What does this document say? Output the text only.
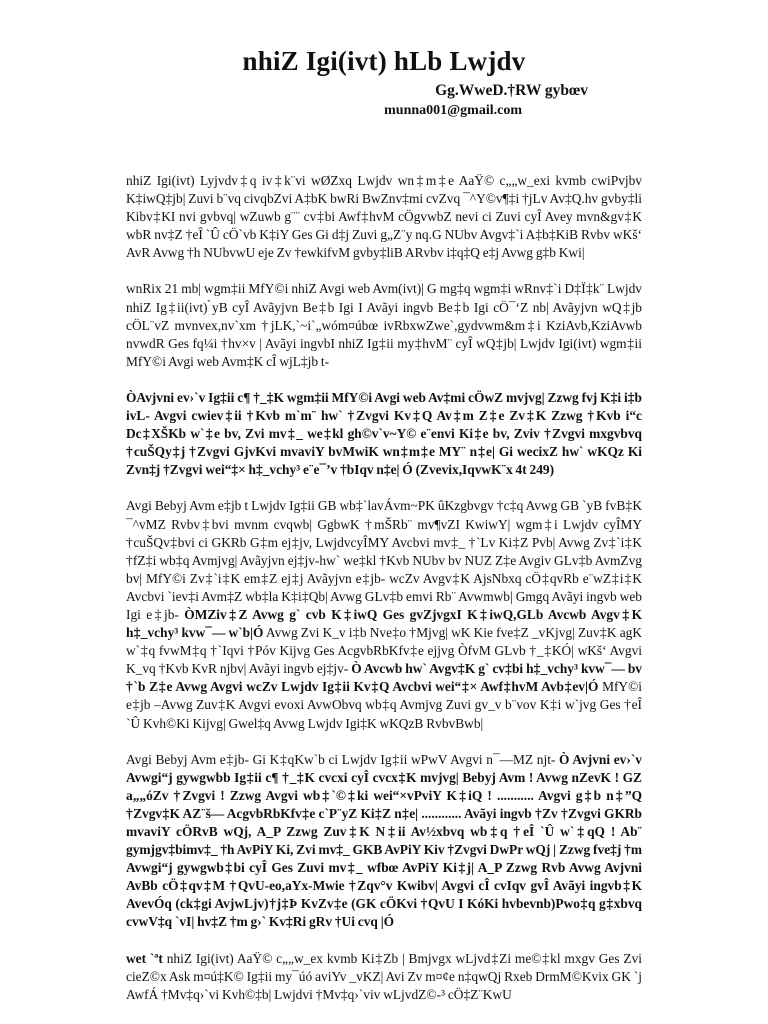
nhiZ Igi(ivt) hLb Lwjdv
Gg.WweD.†RW gybœv
munna001@gmail.com

nhiZ Igi(ivt) Lyjvdv‡q iv‡k¨vi wØZxq Lwjdv wn‡m‡e AaŸ© c„„w_exi kvmb cwiPvjbv K‡iwQ‡jb| Zuvi b¨vq civqbZvi A‡bK bwRi BwZnv‡mi cvZvq ¯^Y©v¶‡i †jLv Av‡Q.hv gvby‡li Kibv‡KI nvi gvbvq| wZuwb g¨¨ cv‡bi Awf‡hvM cÖgvwbZ nevi ci Zuvi cyÎ Avey mvn&gv‡K wbR nv‡Z †eÎ `Û cÖ`vb K‡iY Ges Gi d‡j Zuvi g„Z¨y nq.G NUbv Avgv‡`i A‡b‡KiB Rvbv wKš‘ AvR Avwg †h NUbvwU eje Zv †ewkifvM gvby‡liB ARvbv i‡q‡Q e‡j Avwg g‡b Kwi|

wnRix 21 mb| wgm‡ii MfY©i nhiZ Avgi web Avm(ivt)| G mg‡q wgm‡i wRnv‡`i D‡Ï‡k¨ Lwjdv nhiZ Ig‡ii(ivt) ̀yB cyÎ Avãyjvn Be‡b Igi I Avãyi ingvb Be‡b Igi cÖ¯‘Z nb| Avãyjvn wQ‡jb cÖL¨vZ mvnvex,nv`xm †jLK,`~i`„wóm¤úbœ ivRbxwZwe`,gydvwm&m‡i KziAvb,KziAvwb nvwdR Ges fq¼i †hv×v | Avãyi ingvbI nhiZ Ig‡ii my‡hvM¨ cyÎ wQ‡jb| Lwjdv Igi(ivt) wgm‡ii MfY©i Avgi web Avm‡K cÎ wjL‡jb t-

ÒAvjvni ev›`v Ig‡ii c¶ †_‡K wgm‡ii MfY©i Avgi web Av‡mi cÖwZ mvjvg| Zzwg fvj K‡i i‡b ivL- Avgvi cwiev‡ii †Kvb m`m¨ hw` †Zvgvi Kv‡Q Av‡m Z‡e Zv‡K Zzwg †Kvb i“c Dc‡XŠKb w`‡e bv, Zvi mv‡_ we‡kl gh©v`v~Y© e¨envi Ki‡e bv, Zviv †Zvgvi mxgvbvq †cuŠQy‡j †Zvgvi GjvKvi mvaviY bvMwiK wn‡m‡e MY¨ n‡e| Gi wecixZ hw` wKQz Ki Zvn‡j †Zvgvi wei“‡× h‡_vchy³ e¨e¯’v †bIqv n‡e| Ó (Zvevix,IqvwK¨x 4t 249)

Avgi Bebyj Avm e‡jb t Lwjdv Ig‡ii GB wb‡`lavÁvm~PK ûKzgbvgv †c‡q Avwg GB `yB fvB‡K ¯^vMZ Rvbv‡bvi mvnm cvqwb| GgbwK †mŠRb¨ mv¶vZI KwiwY| wgm‡i Lwjdv cyÎMY †cuŠQv‡bvi ci GKRb G‡m ej‡jv, LwjdvcyÎMY Avcbvi mv‡_ †`Lv Ki‡Z Pvb| Avwg Zv‡`i‡K †fZ‡i wb‡q Avmjvg| Avãyjvn ej‡jv-hw` we‡kl †Kvb NUbv bv NUZ Z‡e Avgiv GLv‡b AvmZvg bv| MfY©i Zv‡`i‡K em‡Z ej‡j Avãyjvn e‡jb- wcZv Avgv‡K AjsNbxq cÖ‡qvRb e¨wZ‡i‡K Avcbvi `iev‡i Avm‡Z wb‡la K‡i‡Qb| Avwg GLv‡b emvi Rb¨ Avwmwb| Gmgq Avãyi ingvb web Igi e‡jb- ÒMZiv‡Z Avwg g` cvb K‡iwQ Ges gvZjvgxI K‡iwQ,GLb Avcwb Avgv‡K h‡_vchy³ kvw¯— w`b|Ó Avwg Zvi K_v i‡b Nve‡o †Mjvg| wK Kie fve‡Z _vKjvg| Zuv‡K agK w`‡q fvwM‡q †`Iqvi †Póv Kijvg Ges AcgvbRbKfv‡e ejjvg ÒfvM GLvb †_‡KÓ| wKš‘ Avgvi K_vq †Kvb KvR njbv| Avãyi ingvb ej‡jv- Ò Avcwb hw` Avgv‡K g` cv‡bi h‡_vchy³ kvw¯— bv †`b Z‡e Avwg Avgvi wcZv Lwjdv Ig‡ii Kv‡Q Avcbvi wei“‡× Awf‡hvM Avb‡ev|Ó MfY©i e‡jb –Avwg Zuv‡K Avgvi evoxi AvwObvq wb‡q Avmjvg Zuvi gv_v b¨vov K‡i w`jvg Ges †eÎ `Û Kvh©Ki Kijvg| Gwel‡q Avwg Lwjdv Igi‡K wKQzB RvbvBwb|

Avgi Bebyj Avm e‡jb- Gi K‡qKw`b ci Lwjdv Ig‡ii wPwV Avgvi n¯—MZ njt- Ò Avjvni ev›`v Avwgi“j gywgwbb Ig‡ii c¶ †_‡K cvcxi cyÎ cvcx‡K mvjvg| Bebyj Avm ! Avwg nZevK ! GZ a„„óZv †Zvgvi ! Zzwg Avgvi wb‡`©‡ki wei“×vPviY K‡iQ ! ........... Avgvi g‡b n‡”Q †Zvgv‡K AZ¨š— AcgvbRbKfv‡e c`P¨yZ Ki‡Z n‡e| ............ Avãyi ingvb †Zv †Zvgvi GKRb mvaviY cÖRvB wQj, A_P Zzwg Zuv‡K N‡ii Av½xbvq wb‡q †eÎ `Û w`‡qQ ! Ab¨ gymjgv‡bimv‡_ †h AvPiY Ki, Zvi mv‡_ GKB AvPiY Kiv †Zvgvi DwPr wQj | Zzwg fve‡j †m Avwgi“j gywgwb‡bi cyÎ Ges Zuvi mv‡_ wfbœ AvPiY Ki‡j| A_P Zzwg Rvb Avwg Avjvni AvBb cÖ‡qv‡M †QvU-eo,aYx-Mwie †Zqv°v Kwibv| Avgvi cÎ cvIqv gvÎ Avãyi ingvb‡K AvevÓq (ck‡gi AvjwLjv)†j‡Þ KvZv‡e (GK cÖKvi †QvU I KóKi hvbevnb)Pwo‡q g‡xbvq cvwV‡q `vI| hv‡Z †m g›` Kv‡Ri gRv †Ui cvq |Ó

wet `ªt nhiZ Igi(ivt) AaŸ© c„„w_ex kvmb Ki‡Zb | Bmjvgx wLjvd‡Zi me©‡kl mxgv Ges Zvi cieZ©x Ask m¤ú‡K© Ig‡ii my¯úó aviYv _vKZ| Avi Zv m¤¢e n‡qwQj Rxeb DrmM©Kvix GK `j AwfÁ †Mv‡q›`vi Kvh©‡b| Lwjdvi †Mv‡q›`viv wLjvdZ©-³ cÖ‡Z¨KwU
